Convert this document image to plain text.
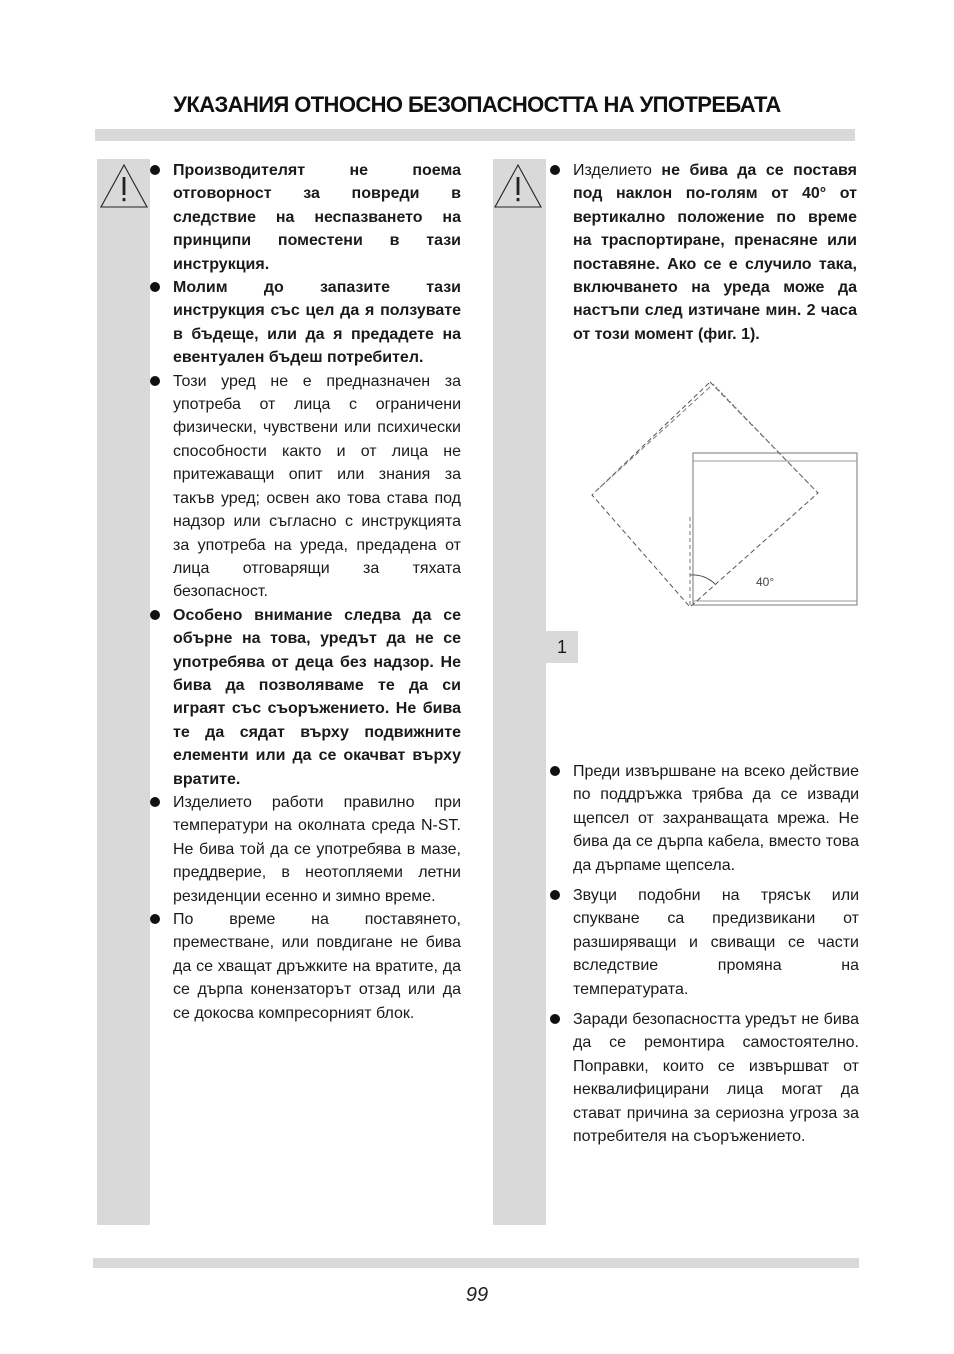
УКАЗАНИЯ ОТНОСНО БЕЗОПАСНОСТТА НА УПОТРЕБАТА
Производителят не поема отговорност за повреди в следствие на неспазването на принципи поместени в тази инструкция.
Молим до запазите тази инструкция със цел да я ползувате в бъдеще, или да я предадете на евентуален бъдеш потребител.
Този уред не е предназначен за употреба от лица с ограничени физически, чувствени или психически способности както и от лица не притежаващи опит или знания за такъв уред; освен ако това става под надзор или съгласно с инструкцията за употреба на уреда, предадена от лица отговарящи за тяхата безопасност.
Особено внимание следва да се обърне на това, уредът да не се употребява от деца без надзор. Не бива да позволяваме те да си играят със съоръжението. Не бива те да сядат върху подвижните елементи или да се окачват върху вратите.
Изделието работи правилно при температури на околната среда N-ST. Не бива той да се употребява в мазе, преддверие, в неотопляеми летни резиденции есенно и зимно време.
По време на поставянето, преместване, или повдигане не бива да се хващат дръжките на вратите, да се дърпа конензаторът отзад или да се докосва компресорният блок.
Изделието не бива да се поставя под наклон по-голям от 40° от вертикално положение по време на траспортиране, пренасяне или поставяне. Ако се е случило така, включването на уреда може да настъпи след изтичане мин. 2 часа от този момент (фиг. 1).
40°
1
Преди извършване на всеко действие по поддръжка трябва да се извади щепсел от захранващата мрежа. Не бива да се дърпа кабела, вместо това да дърпаме щепсела.
Звуци подобни на трясък или спукване са предизвикани от разширяващи и свиващи се части вследствие промяна на температурата.
Заради безопасността уредът не бива да се ремонтира самостоятелно. Поправки, които се извършват от неквалифицирани лица могат да стават причина за сериозна угроза за потребителя на съоръжението.
99
